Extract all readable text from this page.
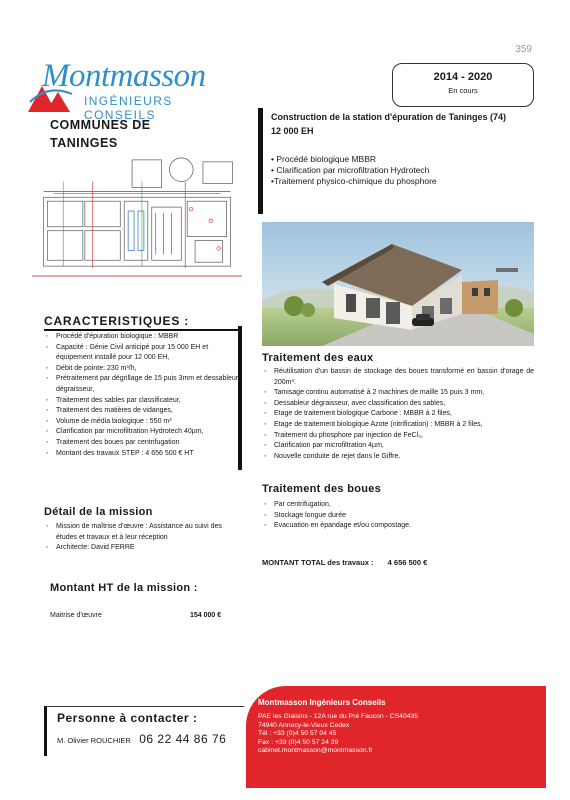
359
Montmasson
INGÉNIEURS CONSEILS
2014 - 2020
En cours
COMMUNES DE
TANINGES
Construction de la station d'épuration de Taninges (74)
12 000 EH
• Procédé biologique MBBR
• Clarification par microfiltration Hydrotech
•Traitement physico-chimique du phosphore
CARACTERISTIQUES :
▪ Procédé d'épuration biologique : MBBR
▪ Capacité : Génie Civil anticipé pour 15 000 EH et équipement installé pour 12 000 EH,
▪ Débit de pointe: 230 m³/h,
▪ Prétraitement par dégrillage de 15 puis 3mm et dessableur dégraisseur,
▪ Traitement des sables par classificateur,
▪ Traitement des matières de vidanges,
▪ Volume de média biologique : 550 m³
▪ Clarification par microfiltration Hydrotech 40µm,
▪ Traitement des boues par centrifugation
▪ Montant des travaux STEP : 4 656 500 € HT
Traitement des eaux
▪ Réutilisation d'un bassin de stockage des boues transformé en bassin d'orage de 200m³.
▪ Tamisage continu automatisé à 2 machines de maille 15 puis 3 mm,
▪ Dessableur dégraisseur, avec classification des sables,
▪ Etage de traitement biologique Carbone : MBBR à 2 files,
▪ Etage de traitement biologique Azote (nitrification) : MBBR à 2 files,
▪ Traitement du phosphore par injection de FeCl₃,
▪ Clarification par microfiltration 4µm,
▪ Nouvelle conduite de rejet dans le Giffre.
Traitement des boues
▪ Par centrifugation,
▪ Stockage longue durée
▪ Evacuation en épandage et/ou compostage.
MONTANT TOTAL des travaux : 4 656 500 €
Détail de la mission
▪ Mission de maîtrise d'œuvre : Assistance au suivi des études et travaux et à leur réception
▪ Architecte: David FERRE
Montant HT de la mission :
Maitrise d'œuvre	154 000 €
Personne à contacter :
M. Olivier ROUCHIER 06 22 44 86 76
Montmasson Ingénieurs Conseils
PAE les Glaisins - 12A rue du Pré Faucon - CS40435
74940 Annecy-le-Vieux Cedex
Tél : +33 (0)4 50 57 04 45
Fax : +33 (0)4 50 57 24 39
cabinet.montmasson@montmasson.fr
